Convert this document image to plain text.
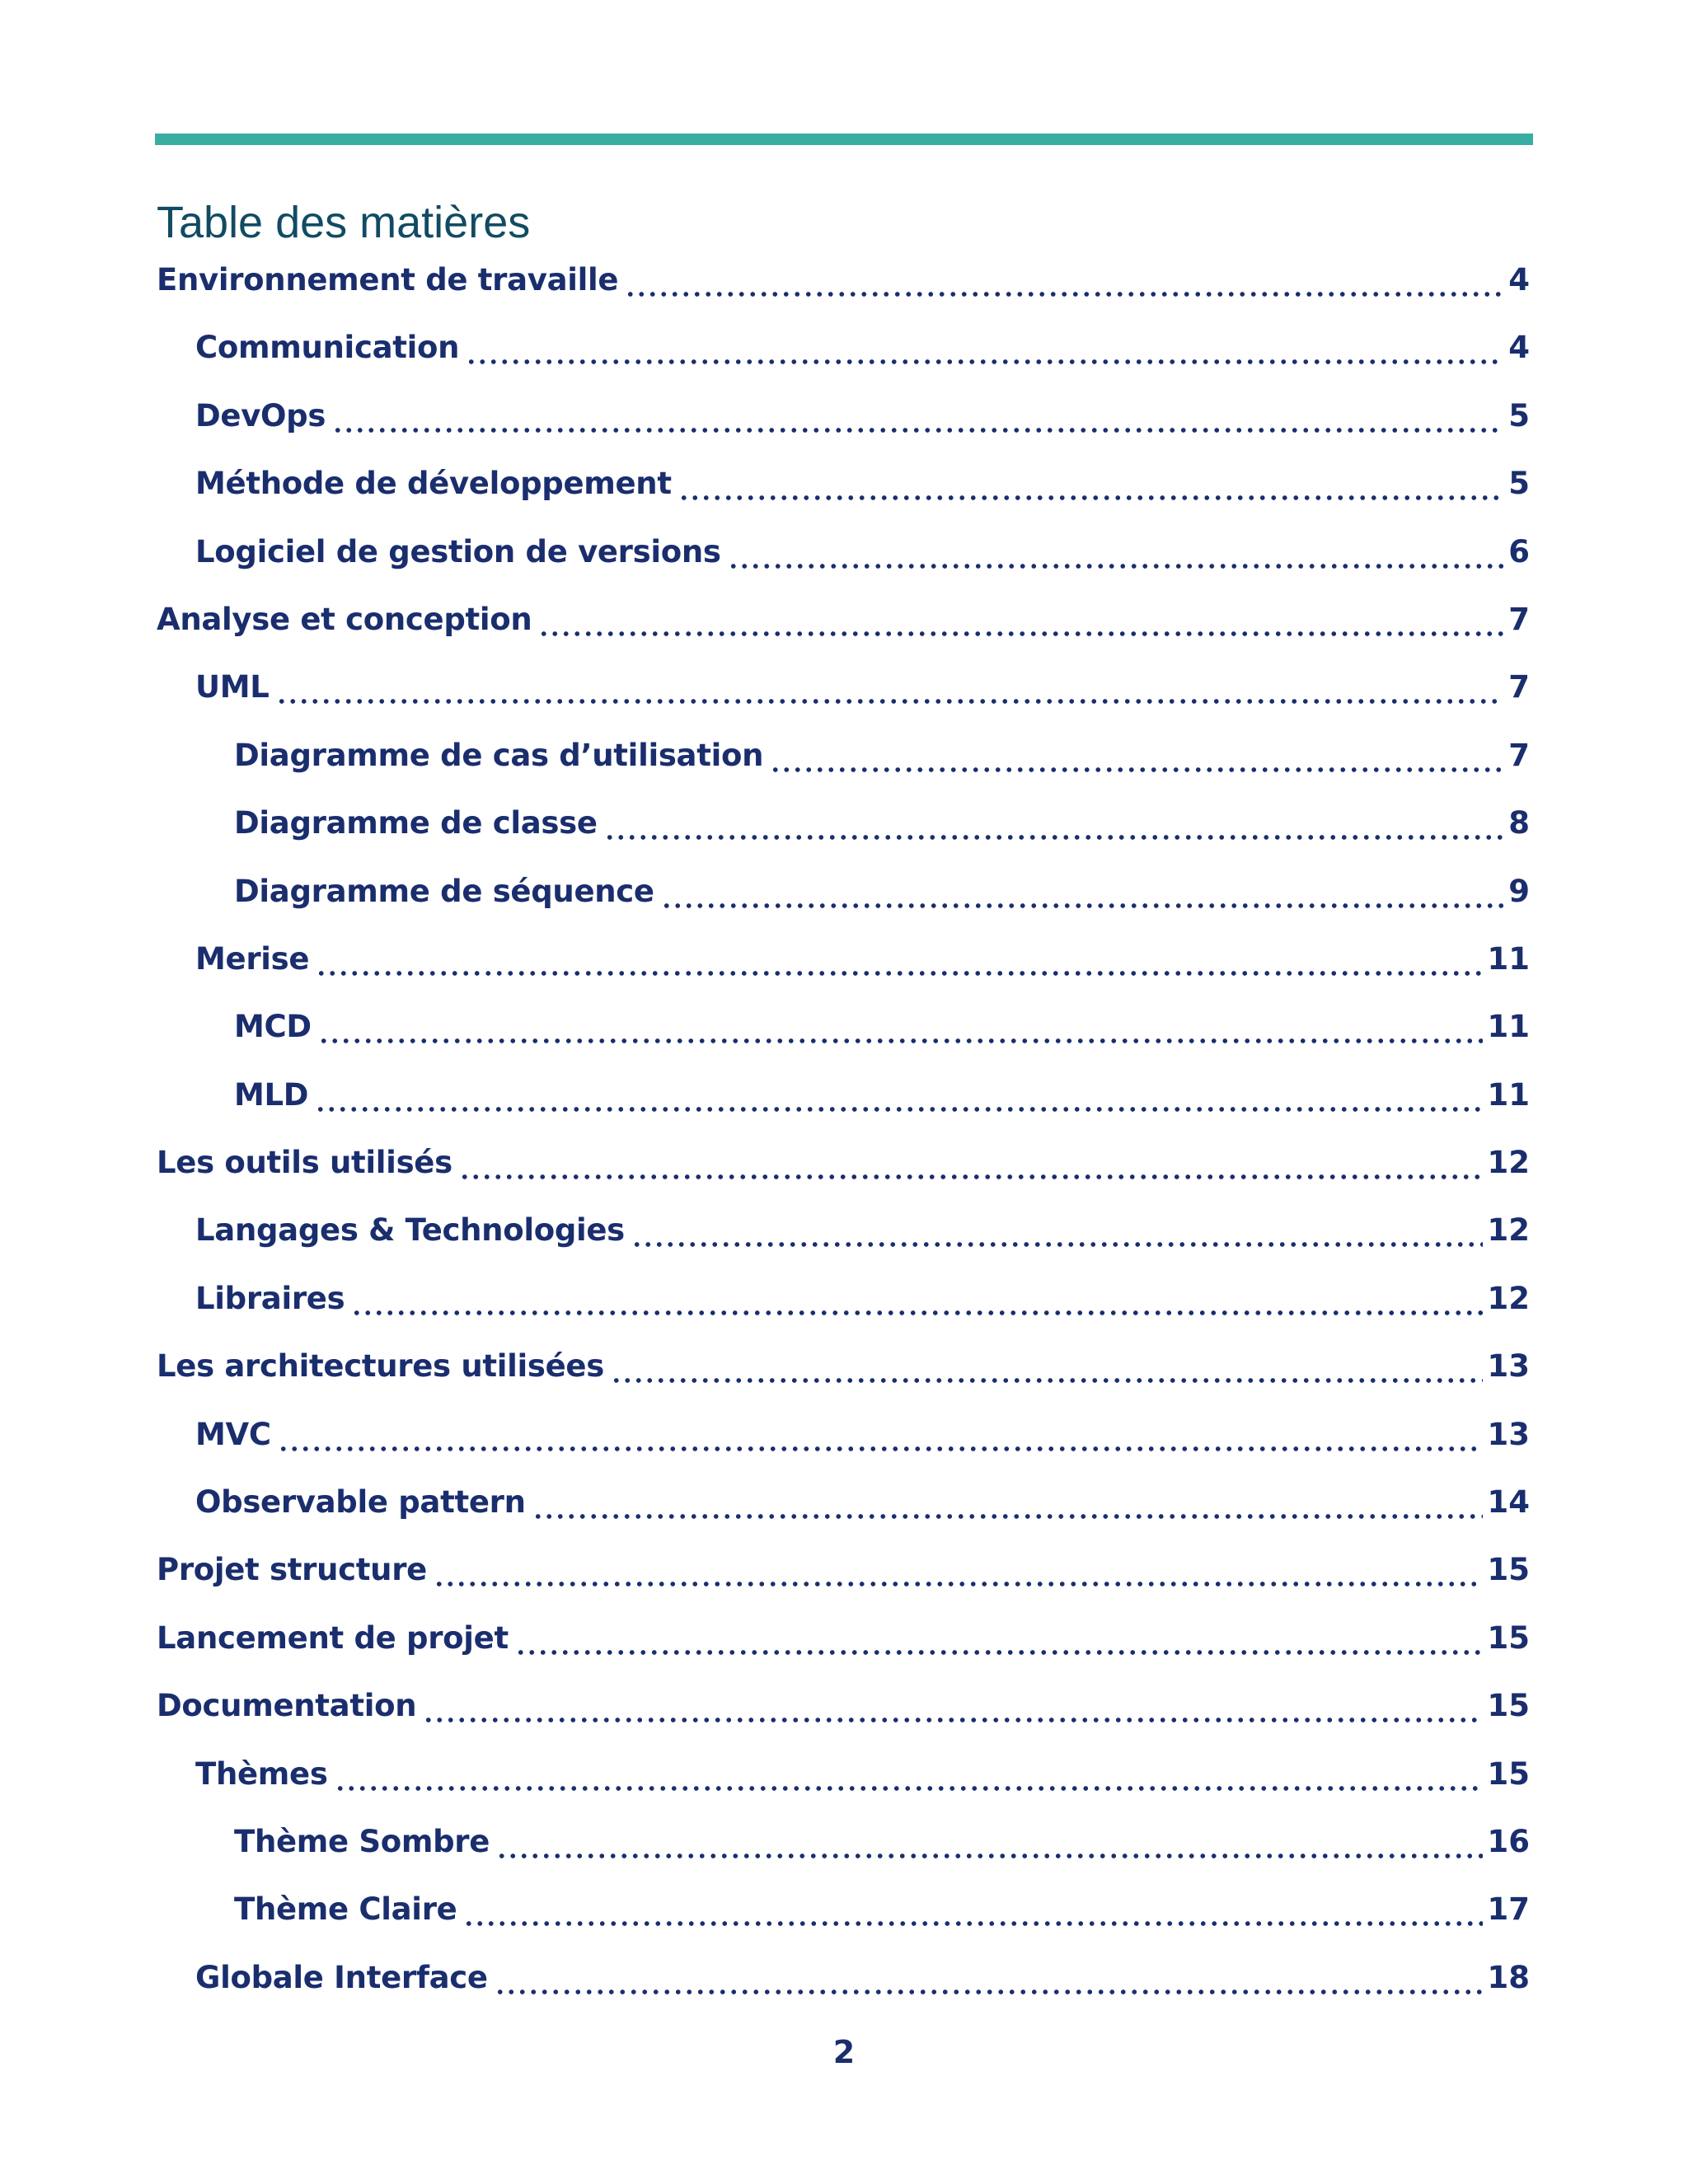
Table des matières
Environnement de travaille	4
Communication	4
DevOps	5
Méthode de développement	5
Logiciel de gestion de versions	6
Analyse et conception	7
UML	7
Diagramme de cas d’utilisation	7
Diagramme de classe	8
Diagramme de séquence	9
Merise	11
MCD	11
MLD	11
Les outils utilisés	12
Langages & Technologies	12
Libraires	12
Les architectures utilisées	13
MVC	13
Observable pattern	14
Projet structure	15
Lancement de projet	15
Documentation	15
Thèmes	15
Thème Sombre	16
Thème Claire	17
Globale Interface	18
2
